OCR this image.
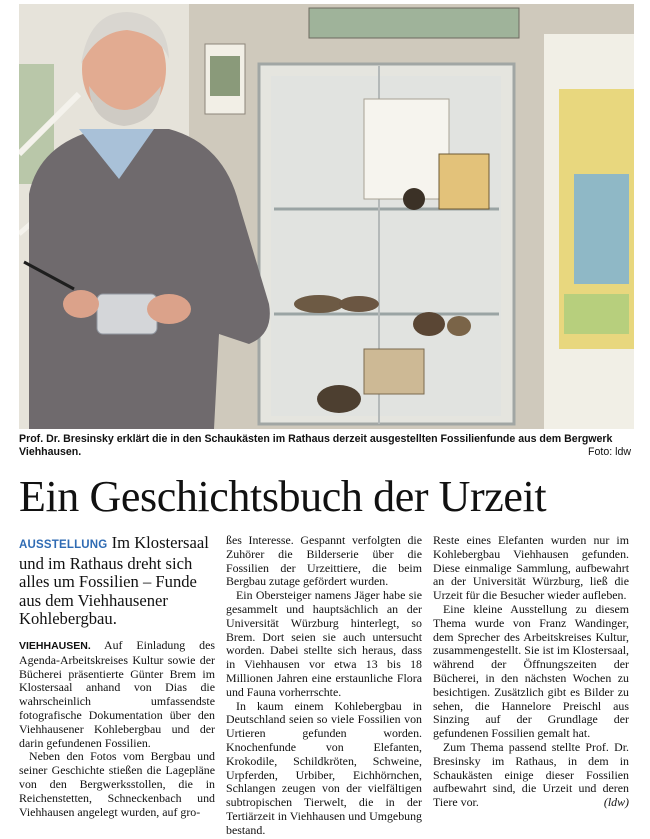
Prof. Dr. Bresinsky erklärt die in den Schaukästen im Rathaus derzeit ausgestellten Fossilienfunde aus dem Bergwerk Viehhausen.	Foto: ldw
Ein Geschichtsbuch der Urzeit
AUSSTELLUNG Im Klostersaal und im Rathaus dreht sich alles um Fossilien – Funde aus dem Viehhausener Kohlebergbau.

VIEHHAUSEN. Auf Einladung des Agenda-Arbeitskreises Kultur sowie der Bücherei präsentierte Günter Brem im Klostersaal anhand von Dias die wahrscheinlich umfassendste fotografische Dokumentation über den Viehhausener Kohlebergbau und der darin gefundenen Fossilien.

Neben den Fotos vom Bergbau und seiner Geschichte stießen die Lagepläne von den Bergwerksstollen, die in Reichenstetten, Schneckenbach und Viehhausen angelegt wurden, auf gro-

ßes Interesse. Gespannt verfolgten die Zuhörer die Bilderserie über die Fossilien der Urzeittiere, die beim Bergbau zutage gefördert wurden.

Ein Obersteiger namens Jäger habe sie gesammelt und hauptsächlich an der Universität Würzburg hinterlegt, so Brem. Dort seien sie auch untersucht worden. Dabei stellte sich heraus, dass in Viehhausen vor etwa 13 bis 18 Millionen Jahren eine erstaunliche Flora und Fauna vorherrschte.

In kaum einem Kohlebergbau in Deutschland seien so viele Fossilien von Urtieren gefunden worden. Knochenfunde von Elefanten, Krokodile, Schildkröten, Schweine, Urpferden, Urbiber, Eichhörnchen, Schlangen zeugen von der vielfältigen subtropischen Tierwelt, die in der Tertiärzeit in Viehhausen und Umgebung bestand.

Reste eines Elefanten wurden nur im Kohlebergbau Viehhausen gefunden. Diese einmalige Sammlung, aufbewahrt an der Universität Würzburg, ließ die Urzeit für die Besucher wieder aufleben.

Eine kleine Ausstellung zu diesem Thema wurde von Franz Wandinger, dem Sprecher des Arbeitskreises Kultur, zusammengestellt. Sie ist im Klostersaal, während der Öffnungszeiten der Bücherei, in den nächsten Wochen zu besichtigen. Zusätzlich gibt es Bilder zu sehen, die Hannelore Preischl aus Sinzing auf der Grundlage der gefundenen Fossilien gemalt hat.

Zum Thema passend stellte Prof. Dr. Bresinsky im Rathaus, in dem in Schaukästen einige dieser Fossilien aufbewahrt sind, die Urzeit und deren Tiere vor.	(ldw)
